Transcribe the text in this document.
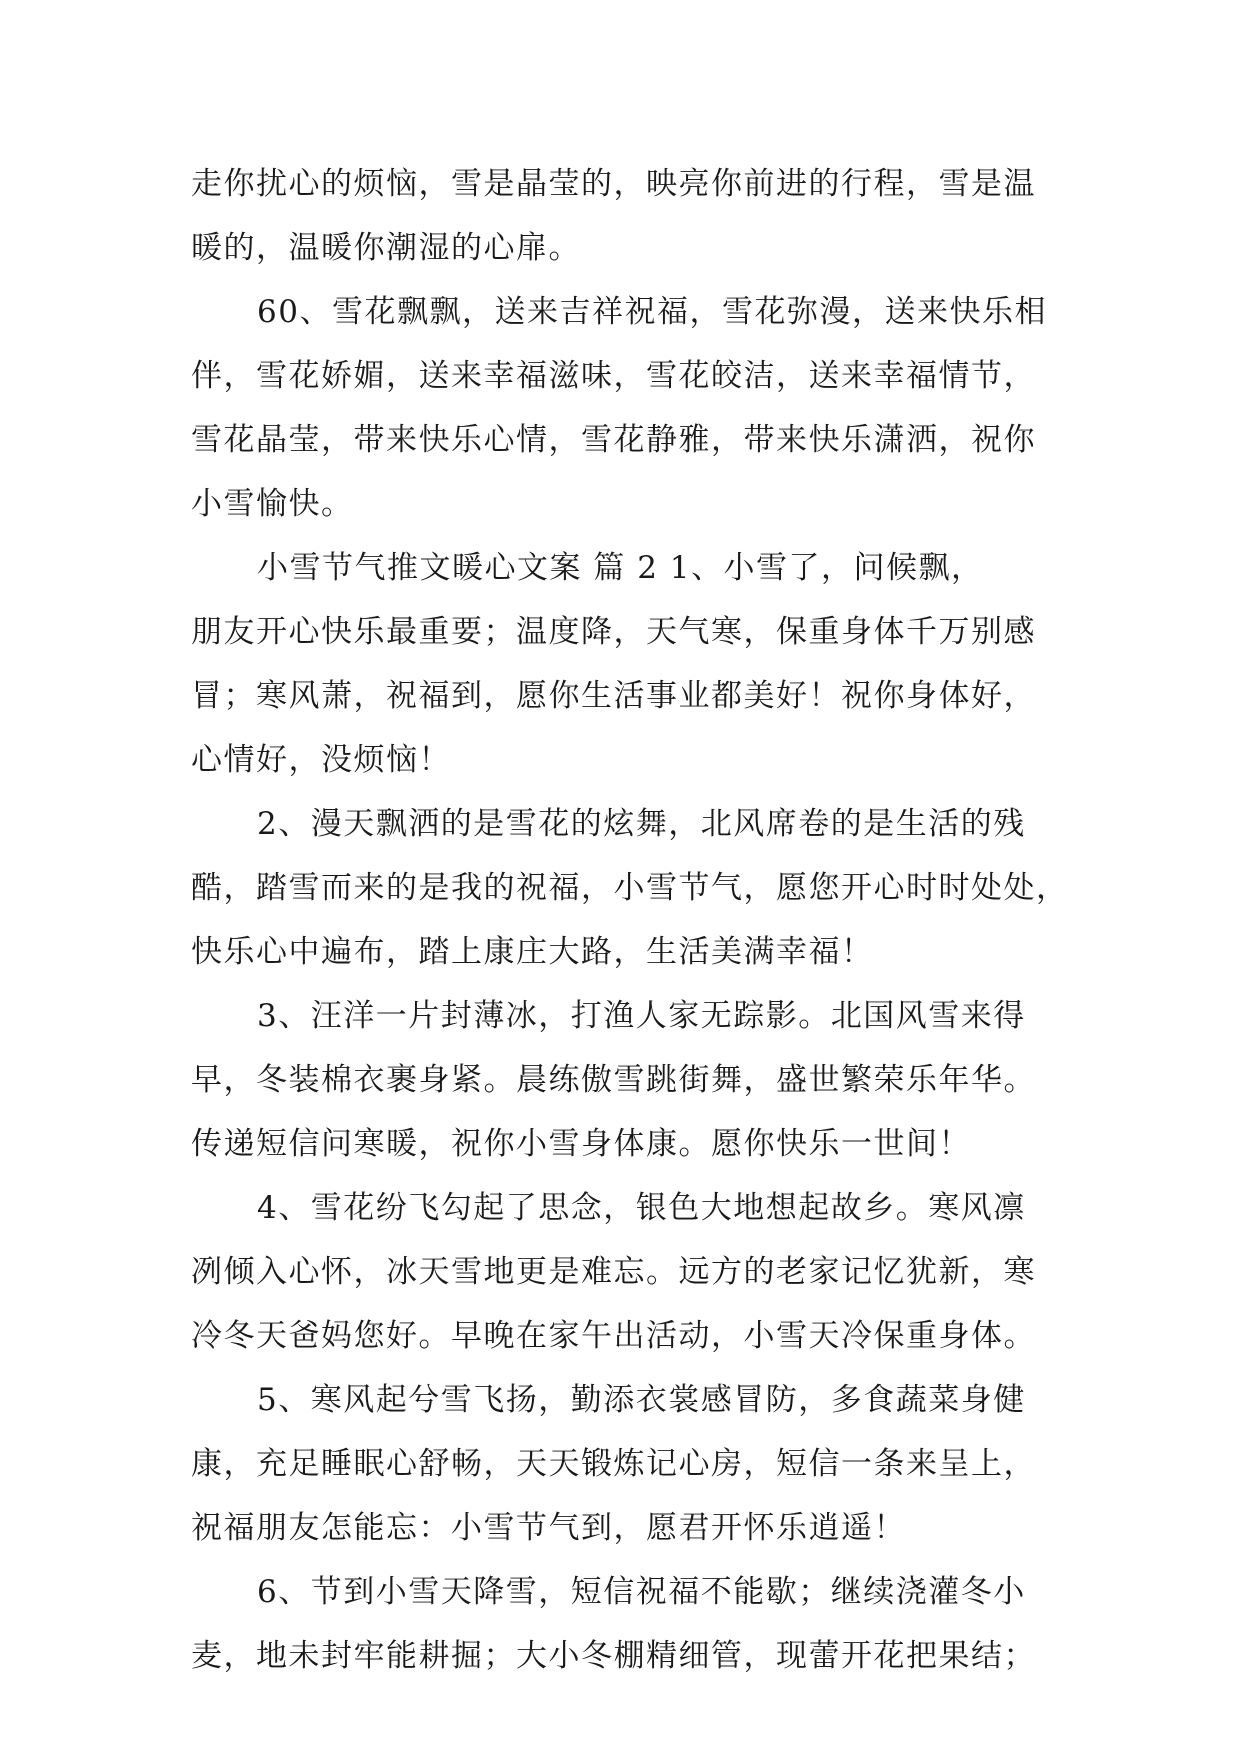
走你扰心的烦恼，雪是晶莹的，映亮你前进的行程，雪是温
暖的，温暖你潮湿的心扉。
60、雪花飘飘，送来吉祥祝福，雪花弥漫，送来快乐相
伴，雪花娇媚，送来幸福滋味，雪花皎洁，送来幸福情节，
雪花晶莹，带来快乐心情，雪花静雅，带来快乐潇洒，祝你
小雪愉快。
小雪节气推文暖心文案 篇 2 1、小雪了，问候飘，
朋友开心快乐最重要；温度降，天气寒，保重身体千万别感
冒；寒风萧，祝福到，愿你生活事业都美好！祝你身体好，
心情好，没烦恼！
2、漫天飘洒的是雪花的炫舞，北风席卷的是生活的残
酷，踏雪而来的是我的祝福，小雪节气，愿您开心时时处处，
快乐心中遍布，踏上康庄大路，生活美满幸福！
3、汪洋一片封薄冰，打渔人家无踪影。北国风雪来得
早，冬装棉衣裹身紧。晨练傲雪跳街舞，盛世繁荣乐年华。
传递短信问寒暖，祝你小雪身体康。愿你快乐一世间！
4、雪花纷飞勾起了思念，银色大地想起故乡。寒风凛
冽倾入心怀，冰天雪地更是难忘。远方的老家记忆犹新，寒
冷冬天爸妈您好。早晚在家午出活动，小雪天冷保重身体。
5、寒风起兮雪飞扬，勤添衣裳感冒防，多食蔬菜身健
康，充足睡眠心舒畅，天天锻炼记心房，短信一条来呈上，
祝福朋友怎能忘：小雪节气到，愿君开怀乐逍遥！
6、节到小雪天降雪，短信祝福不能歇；继续浇灌冬小
麦，地未封牢能耕掘；大小冬棚精细管，现蕾开花把果结；
